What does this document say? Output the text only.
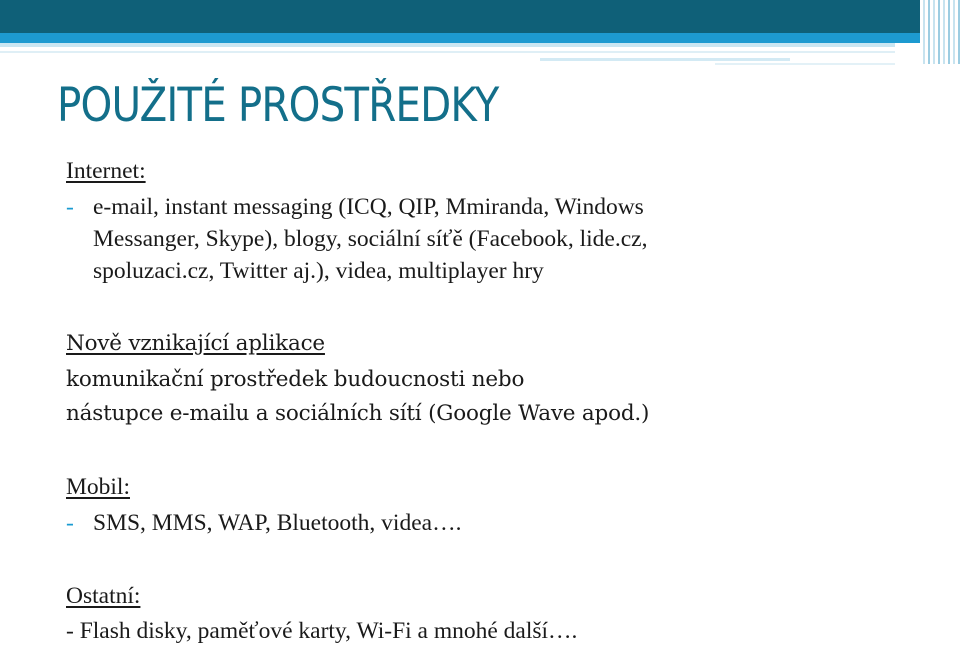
POUŽITÉ PROSTŘEDKY

Internet:

- e-mail, instant messaging (ICQ, QIP, Mmiranda, Windows

Messanger, Skype), blogy, sociální síťě (Facebook, lide.cz,

spoluzaci.cz, Twitter aj.), videa, multiplayer hry

Nově vznikající aplikace

komunikační prostředek budoucnosti nebo

nástupce e-mailu a sociálních sítí (Google Wave apod.)

Mobil:

- SMS, MMS, WAP, Bluetooth, videa….

Ostatní:

- Flash disky, paměťové karty, Wi-Fi a mnohé další….
